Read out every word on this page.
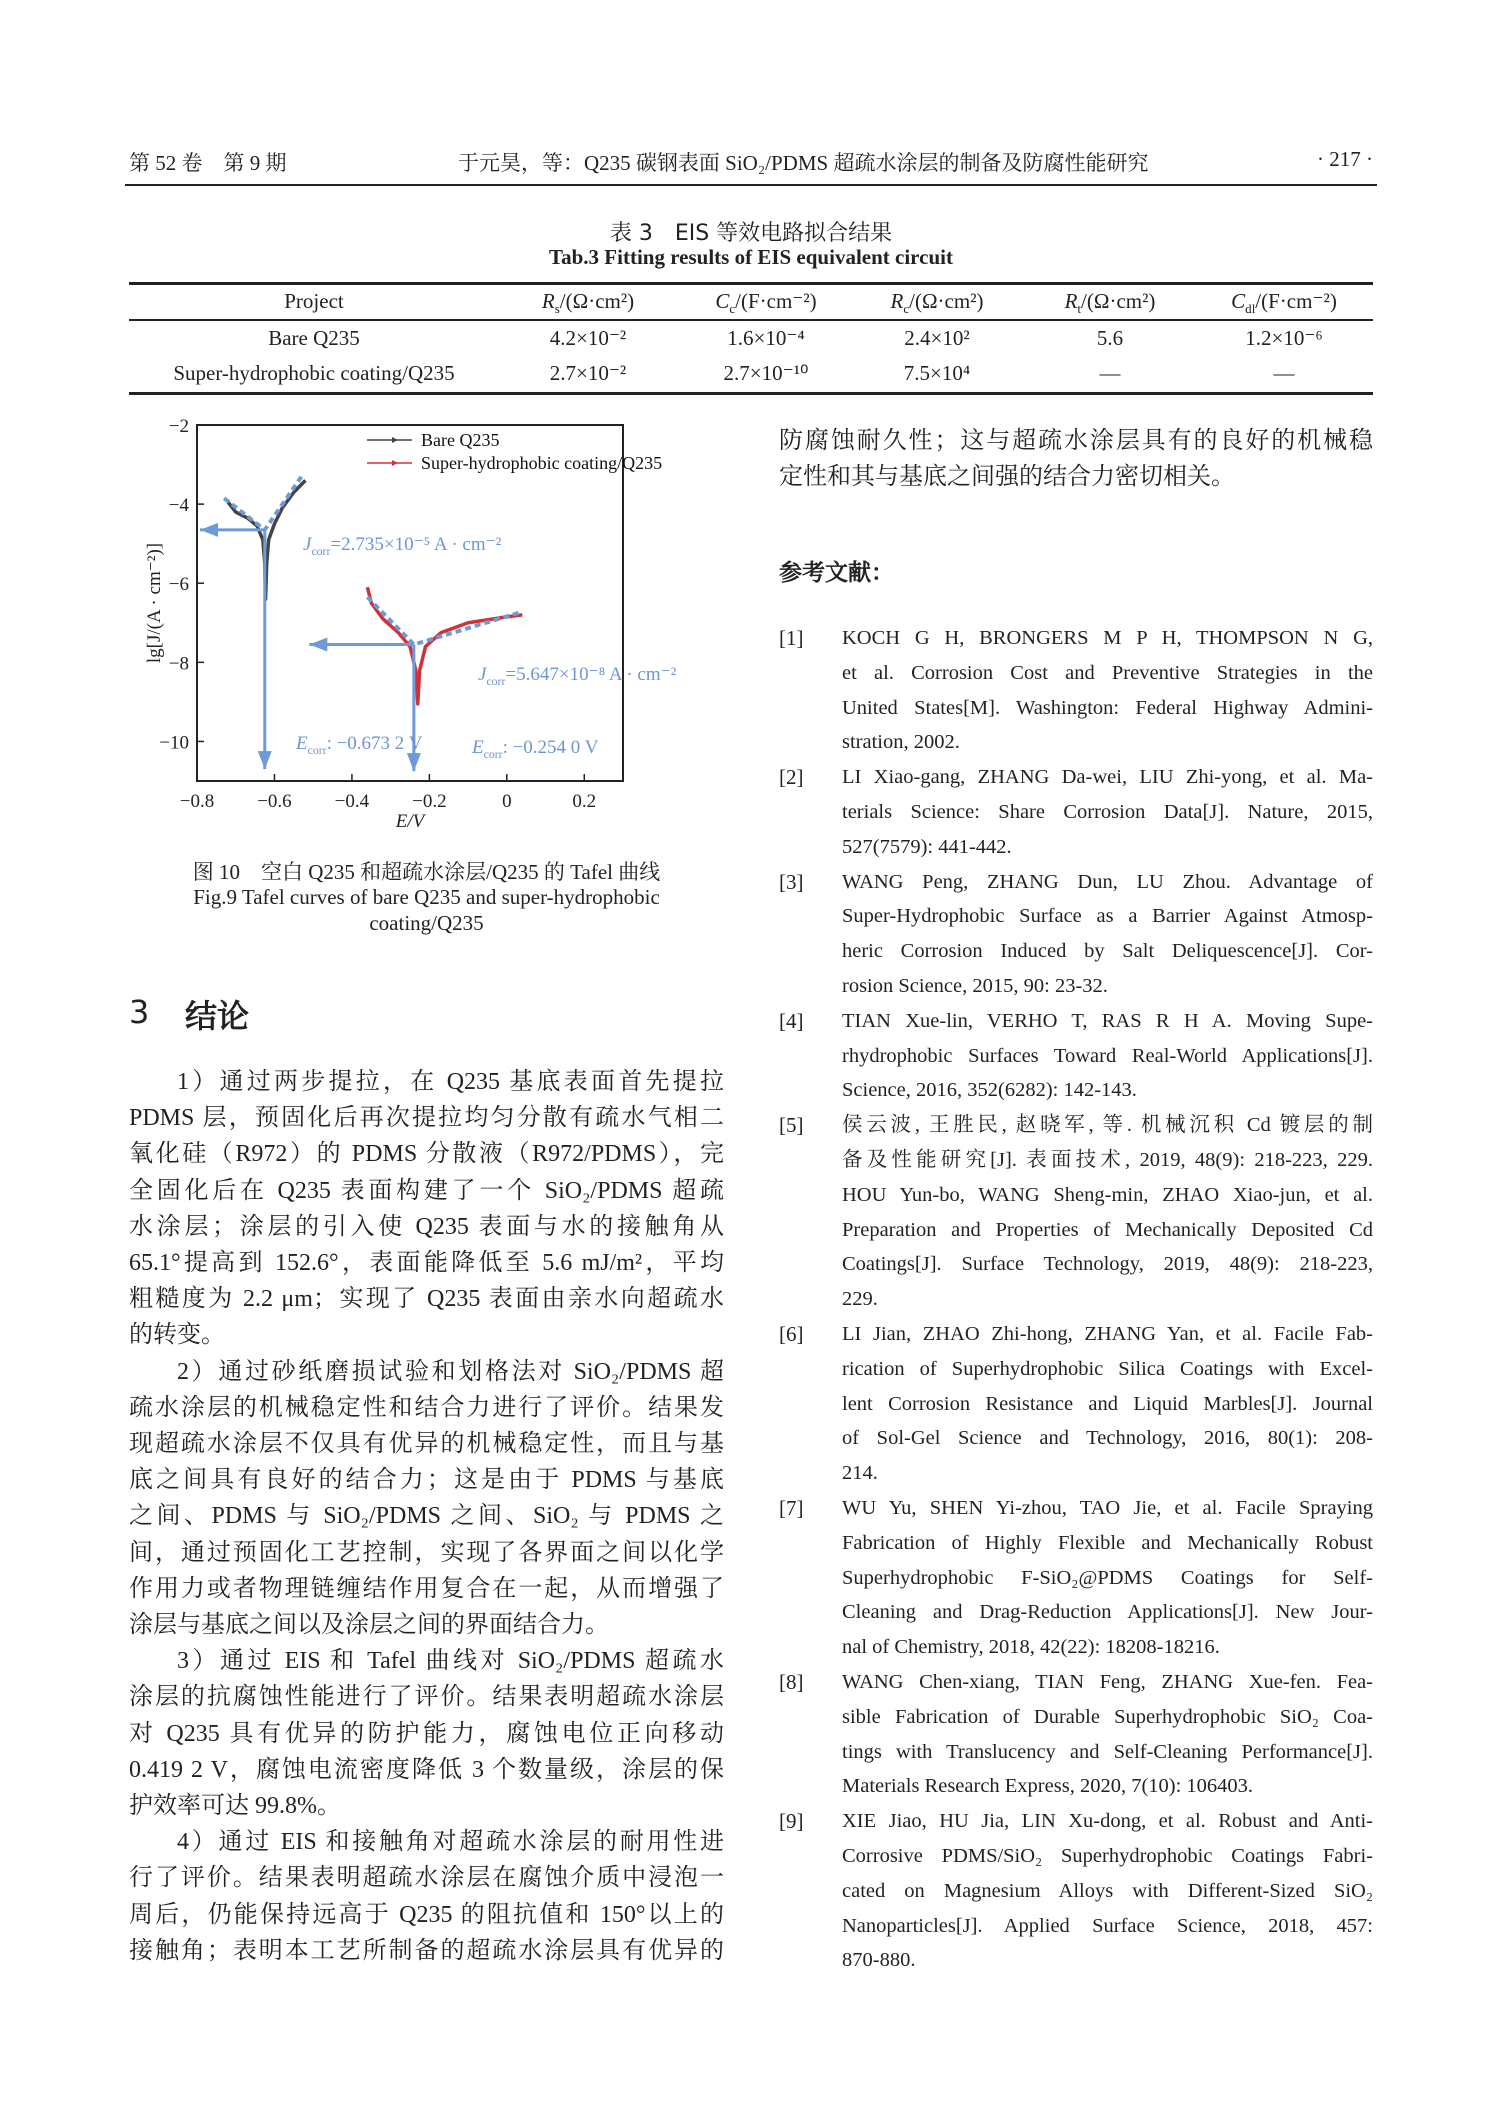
第 52 卷　第 9 期	于元昊，等：Q235 碳钢表面 SiO₂/PDMS 超疏水涂层的制备及防腐性能研究	· 217 ·
表 3　EIS 等效电路拟合结果
Tab.3 Fitting results of EIS equivalent circuit
Project	$R_s/(\Omega\cdot cm^2)$	$C_c/(F\cdot cm^{-2})$	$R_c/(\Omega\cdot cm^2)$	$R_t/(\Omega\cdot cm^2)$	$C_{dl}/(F\cdot cm^{-2})$
Bare Q235	4.2×10⁻²	1.6×10⁻⁴	2.4×10²	5.6	1.2×10⁻⁶
Super-hydrophobic coating/Q235	2.7×10⁻²	2.7×10⁻¹⁰	7.5×10⁴	—	—
−0.8 −0.6 −0.4 −0.2	0	0.2
−2
−4
−6
−8
−10
E/V
lg[J/(A · cm⁻²)]
Bare Q235
Super-hydrophobic coating/Q235
$J_{corr}=2.735\times 10^{-5}$ A · cm⁻²
$E_{corr}$: −0.673 2 V
$J_{corr}=5.647\times 10^{-8}$ A · cm⁻²
$E_{corr}$: −0.254 0 V
图 10　空白 Q235 和超疏水涂层/Q235 的 Tafel 曲线
Fig.9 Tafel curves of bare Q235 and super-hydrophobic
coating/Q235
3 结论
1）通过两步提拉，在 Q235 基底表面首先提拉
PDMS 层，预固化后再次提拉均匀分散有疏水气相二
氧化硅（R972）的 PDMS 分散液（R972/PDMS），完
全固化后在 Q235 表面构建了一个 SiO₂/PDMS 超疏
水涂层；涂层的引入使 Q235 表面与水的接触角从
65.1°提高到 152.6°，表面能降低至 5.6 mJ/m²，平均
粗糙度为 2.2 μm；实现了 Q235 表面由亲水向超疏水
的转变。
2）通过砂纸磨损试验和划格法对 SiO₂/PDMS 超
疏水涂层的机械稳定性和结合力进行了评价。结果发
现超疏水涂层不仅具有优异的机械稳定性，而且与基
底之间具有良好的结合力；这是由于 PDMS 与基底
之间、PDMS 与 SiO₂/PDMS 之间、SiO₂ 与 PDMS 之
间，通过预固化工艺控制，实现了各界面之间以化学
作用力或者物理链缠结作用复合在一起，从而增强了
涂层与基底之间以及涂层之间的界面结合力。
3）通过 EIS 和 Tafel 曲线对 SiO₂/PDMS 超疏水
涂层的抗腐蚀性能进行了评价。结果表明超疏水涂层
对 Q235 具有优异的防护能力，腐蚀电位正向移动
0.419 2 V，腐蚀电流密度降低 3 个数量级，涂层的保
护效率可达 99.8%。
4）通过 EIS 和接触角对超疏水涂层的耐用性进
行了评价。结果表明超疏水涂层在腐蚀介质中浸泡一
周后，仍能保持远高于 Q235 的阻抗值和 150°以上的
接触角；表明本工艺所制备的超疏水涂层具有优异的
防腐蚀耐久性；这与超疏水涂层具有的良好的机械稳
定性和其与基底之间强的结合力密切相关。
参考文献：
[1] KOCH G H, BRONGERS M P H, THOMPSON N G,
et al. Corrosion Cost and Preventive Strategies in the
United States[M]. Washington: Federal Highway Admini-
stration, 2002.
[2] LI Xiao-gang, ZHANG Da-wei, LIU Zhi-yong, et al. Ma-
terials Science: Share Corrosion Data[J]. Nature, 2015,
527(7579): 441-442.
[3] WANG Peng, ZHANG Dun, LU Zhou. Advantage of
Super-Hydrophobic Surface as a Barrier Against Atmosp-
heric Corrosion Induced by Salt Deliquescence[J]. Cor-
rosion Science, 2015, 90: 23-32.
[4] TIAN Xue-lin, VERHO T, RAS R H A. Moving Supe-
rhydrophobic Surfaces Toward Real-World Applications[J].
Science, 2016, 352(6282): 142-143.
[5] 侯云波, 王胜民, 赵晓军, 等. 机械沉积 Cd 镀层的制
备及性能研究[J]. 表面技术, 2019, 48(9): 218-223, 229.
HOU Yun-bo, WANG Sheng-min, ZHAO Xiao-jun, et al.
Preparation and Properties of Mechanically Deposited Cd
Coatings[J]. Surface Technology, 2019, 48(9): 218-223,
229.
[6] LI Jian, ZHAO Zhi-hong, ZHANG Yan, et al. Facile Fab-
rication of Superhydrophobic Silica Coatings with Excel-
lent Corrosion Resistance and Liquid Marbles[J]. Journal
of Sol-Gel Science and Technology, 2016, 80(1): 208-
214.
[7] WU Yu, SHEN Yi-zhou, TAO Jie, et al. Facile Spraying
Fabrication of Highly Flexible and Mechanically Robust
Superhydrophobic F-SiO₂@PDMS Coatings for Self-
Cleaning and Drag-Reduction Applications[J]. New Jour-
nal of Chemistry, 2018, 42(22): 18208-18216.
[8] WANG Chen-xiang, TIAN Feng, ZHANG Xue-fen. Fea-
sible Fabrication of Durable Superhydrophobic SiO₂ Coa-
tings with Translucency and Self-Cleaning Performance[J].
Materials Research Express, 2020, 7(10): 106403.
[9] XIE Jiao, HU Jia, LIN Xu-dong, et al. Robust and Anti-
Corrosive PDMS/SiO₂ Superhydrophobic Coatings Fabri-
cated on Magnesium Alloys with Different-Sized SiO₂
Nanoparticles[J]. Applied Surface Science, 2018, 457:
870-880.
